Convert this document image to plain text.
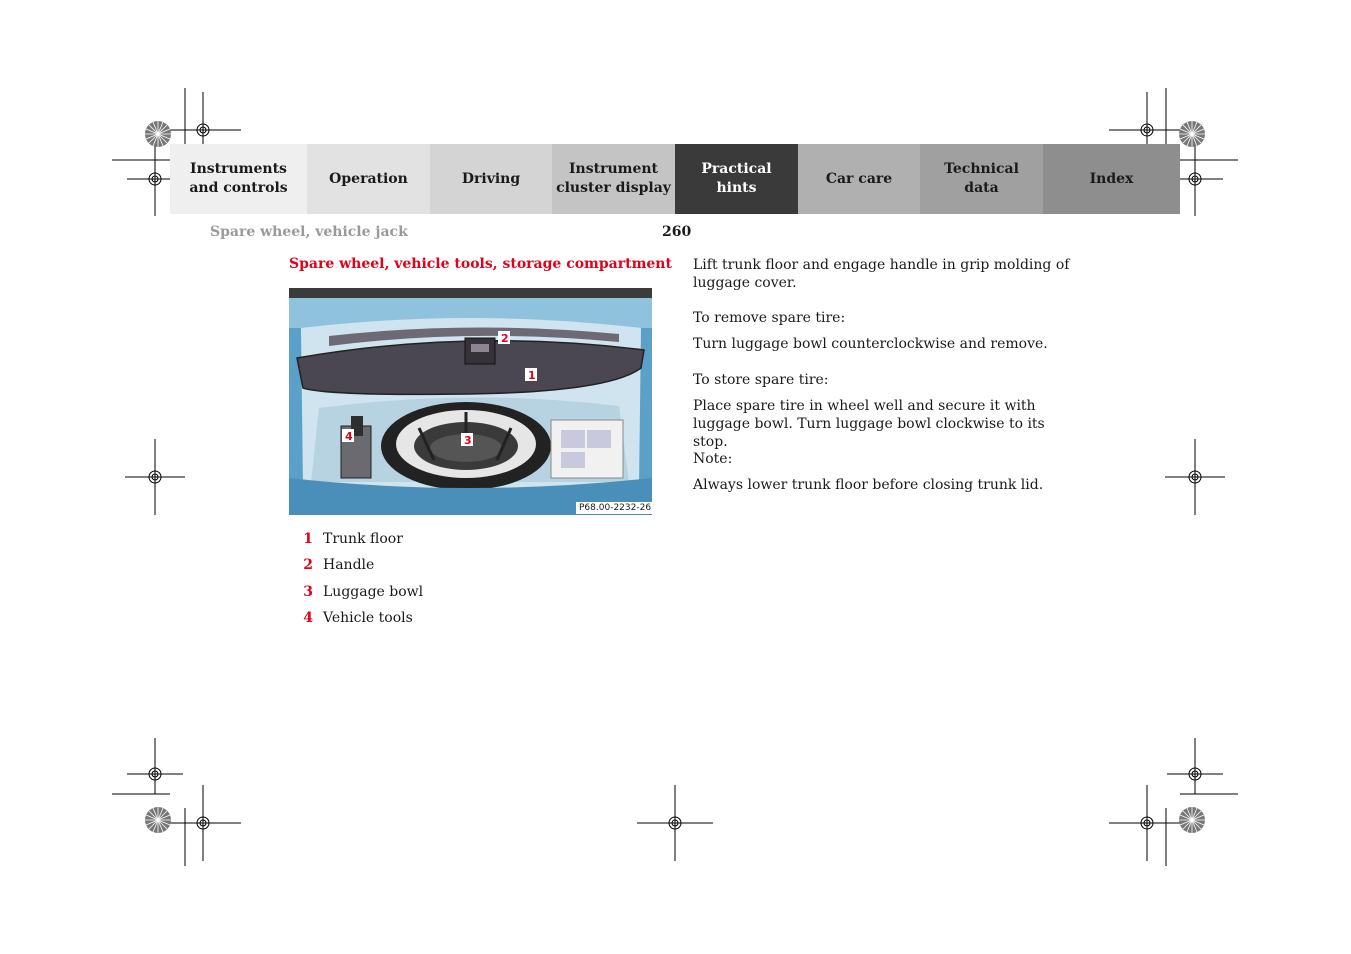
Instruments
and controls
Operation	Driving
Instrument
cluster display
Practical hints
Car care
Technical
data
Index
Spare wheel, vehicle jack	260
Spare wheel, vehicle tools, storage compartment
2
1
3
4
P68.00-2232-26
1 Trunk floor
2 Handle
3 Luggage bowl
4 Vehicle tools

Lift trunk floor and engage handle in grip molding of luggage cover.

To remove spare tire:

Turn luggage bowl counterclockwise and remove.

To store spare tire:

Place spare tire in wheel well and secure it with luggage bowl. Turn luggage bowl clockwise to its stop.

Note:

Always lower trunk floor before closing trunk lid.
